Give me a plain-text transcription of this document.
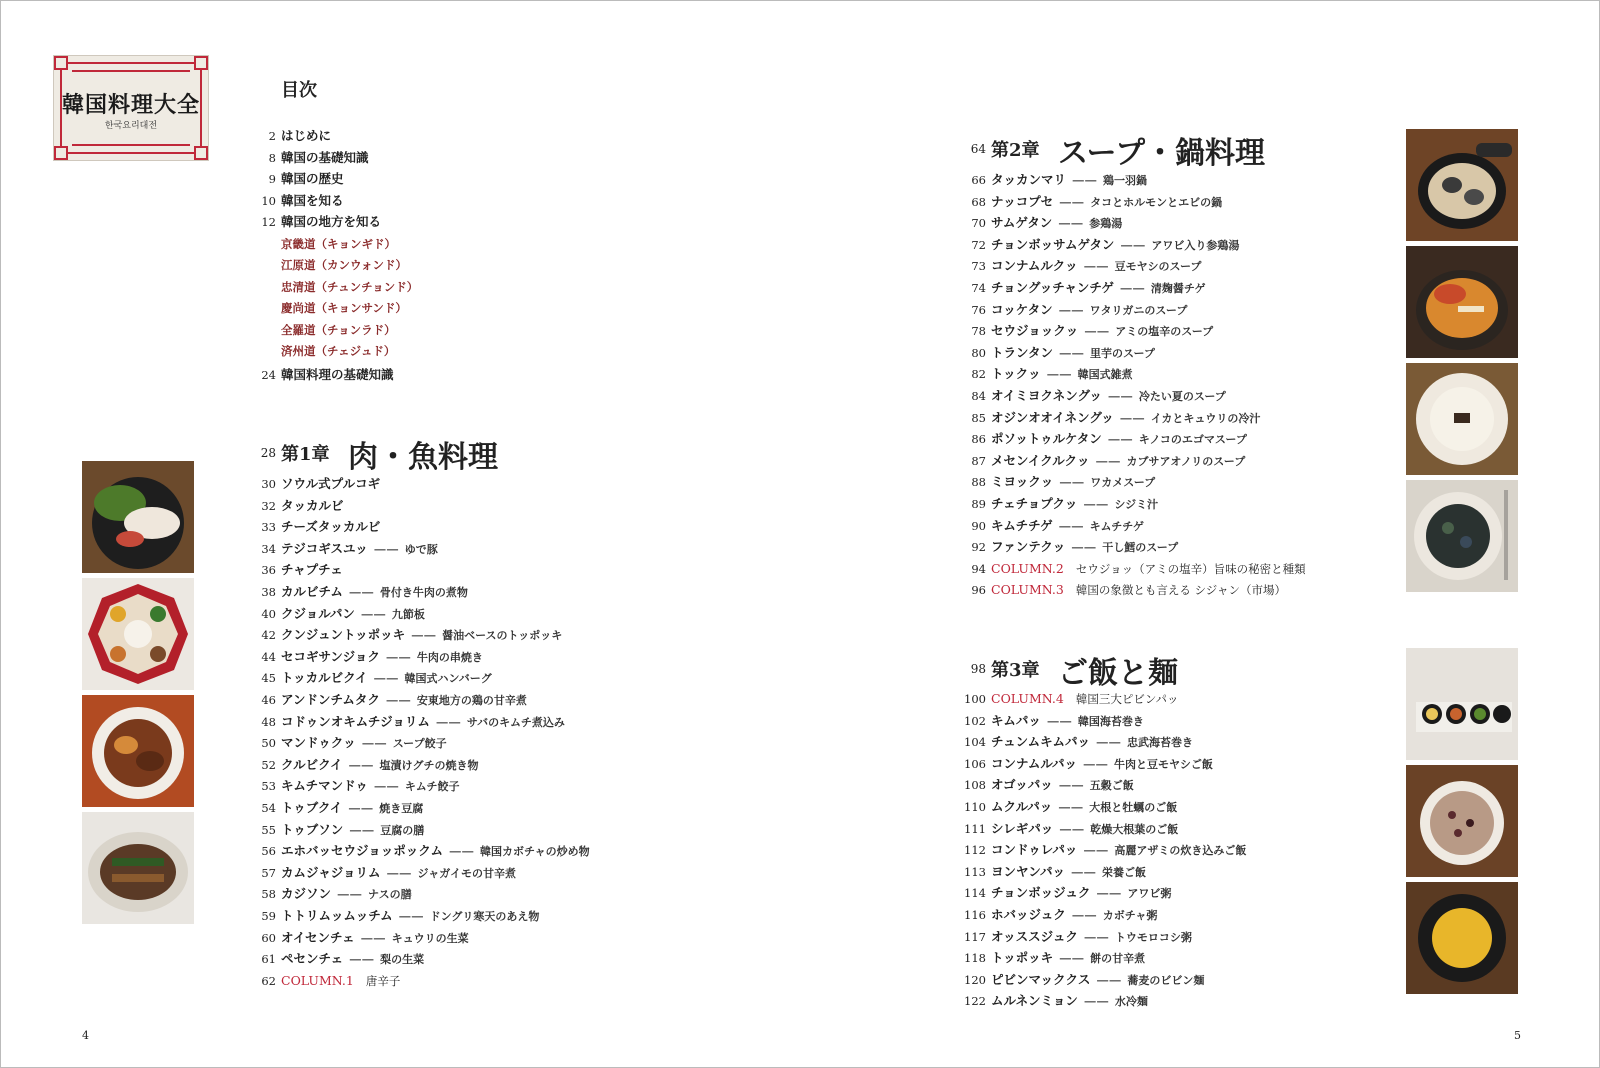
韓国料理大全
한국요리대전
目次
2 はじめに
8 韓国の基礎知識
9 韓国の歴史
10 韓国を知る
12 韓国の地方を知る
京畿道（キョンギド）
江原道（カンウォンド）
忠清道（チュンチョンド）
慶尚道（キョンサンド）
全羅道（チョンラド）
済州道（チェジュド）
24 韓国料理の基礎知識
28 第1章 肉・魚料理
30 ソウル式プルコギ
32 タッカルビ
33 チーズタッカルビ
34 テジコギスユッ —— ゆで豚
36 チャプチェ
38 カルビチム —— 骨付き牛肉の煮物
40 クジョルパン —— 九節板
42 クンジュントッポッキ —— 醤油ベースのトッポッキ
44 セコギサンジョク —— 牛肉の串焼き
45 トッカルビクイ —— 韓国式ハンバーグ
46 アンドンチムタク —— 安東地方の鶏の甘辛煮
48 コドゥンオキムチジョリム —— サバのキムチ煮込み
50 マンドゥクッ —— スープ餃子
52 クルビクイ —— 塩漬けグチの焼き物
53 キムチマンドゥ —— キムチ餃子
54 トゥブクイ —— 焼き豆腐
55 トゥブソン —— 豆腐の膳
56 エホバッセウジョッポックム —— 韓国カボチャの炒め物
57 カムジャジョリム —— ジャガイモの甘辛煮
58 カジソン —— ナスの膳
59 トトリムッムッチム —— ドングリ寒天のあえ物
60 オイセンチェ —— キュウリの生菜
61 ペセンチェ —— 梨の生菜
62 COLUMN.1 唐辛子
64 第2章 スープ・鍋料理
66 タッカンマリ —— 鶏一羽鍋
68 ナッコプセ —— タコとホルモンとエビの鍋
70 サムゲタン —— 参鶏湯
72 チョンボッサムゲタン —— アワビ入り参鶏湯
73 コンナムルクッ —— 豆モヤシのスープ
74 チョングッチャンチゲ —— 清麹醤チゲ
76 コッケタン —— ワタリガニのスープ
78 セウジョックッ —— アミの塩辛のスープ
80 トランタン —— 里芋のスープ
82 トックッ —— 韓国式雑煮
84 オイミヨクネングッ —— 冷たい夏のスープ
85 オジンオオイネングッ —— イカとキュウリの冷汁
86 ポソットゥルケタン —— キノコのエゴマスープ
87 メセンイクルクッ —— カブサアオノリのスープ
88 ミヨックッ —— ワカメスープ
89 チェチョプクッ —— シジミ汁
90 キムチチゲ —— キムチチゲ
92 ファンテクッ —— 干し鱈のスープ
94 COLUMN.2 セウジョッ（アミの塩辛）旨味の秘密と種類
96 COLUMN.3 韓国の象徴とも言える シジャン（市場）
98 第3章 ご飯と麺
100 COLUMN.4 韓国三大ピビンパッ
102 キムパッ —— 韓国海苔巻き
104 チュンムキムパッ —— 忠武海苔巻き
106 コンナムルパッ —— 牛肉と豆モヤシご飯
108 オゴッパッ —— 五穀ご飯
110 ムクルパッ —— 大根と牡蠣のご飯
111 シレギパッ —— 乾燥大根葉のご飯
112 コンドゥレパッ —— 高麗アザミの炊き込みご飯
113 ヨンヤンパッ —— 栄養ご飯
114 チョンボッジュク —— アワビ粥
116 ホバッジュク —— カボチャ粥
117 オッススジュク —— トウモロコシ粥
118 トッポッキ —— 餅の甘辛煮
120 ピビンマッククス —— 蕎麦のビビン麺
122 ムルネンミョン —— 水冷麺
4	5
